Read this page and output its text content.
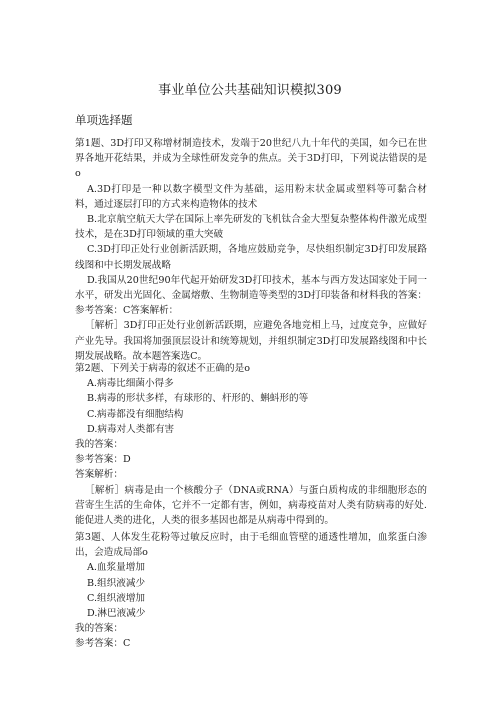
事业单位公共基础知识模拟309
单项选择题

第1题、3D打印又称增材制造技术，发端于20世纪八九十年代的美国，如今已在世界各地开花结果，并成为全球性研发竞争的焦点。关于3D打印，下列说法错误的是o

A.3D打印是一种以数字模型文件为基础，运用粉末状金属或塑料等可黏合材料，通过逐层打印的方式来构造物体的技术

B.北京航空航天大学在国际上率先研发的飞机钛合金大型复杂整体构件激光成型技术，是在3D打印领域的重大突破

C.3D打印正处行业创新活跃期，各地应鼓励竞争，尽快组织制定3D打印发展路线图和中长期发展战略

D.我国从20世纪90年代起开始研发3D打印技术，基本与西方发达国家处于同一水平，研发出光固化、金属熔敷、生物制造等类型的3D打印装备和材料我的答案：参考答案：C答案解析：

［解析］3D打印正处行业创新活跃期，应避免各地竞相上马，过度竞争，应做好产业先导。我国将加强顶层设计和统筹规划，并组织制定3D打印发展路线图和中长期发展战略。故本题答案选C。

第2题、下列关于病毒的叙述不正确的是o

A.病毒比细菌小得多

B.病毒的形状多样，有球形的、杆形的、蝌蚪形的等

C.病毒都没有细胞结构

D.病毒对人类都有害

我的答案：

参考答案：D

答案解析：

［解析］病毒是由一个核酸分子（DNA或RNA）与蛋白质构成的非细胞形态的营寄生生活的生命体，它并不一定都有害，例如，病毒疫苗对人类有防病毒的好处.能促进人类的进化，人类的很多基因也都是从病毒中得到的。

第3题、人体发生花粉等过敏反应时，由于毛细血管壁的通透性增加，血浆蛋白渗出，会造成局部o

A.血浆量增加

B.组织液减少

C.组织液增加

D.淋巴液减少

我的答案：

参考答案：C
